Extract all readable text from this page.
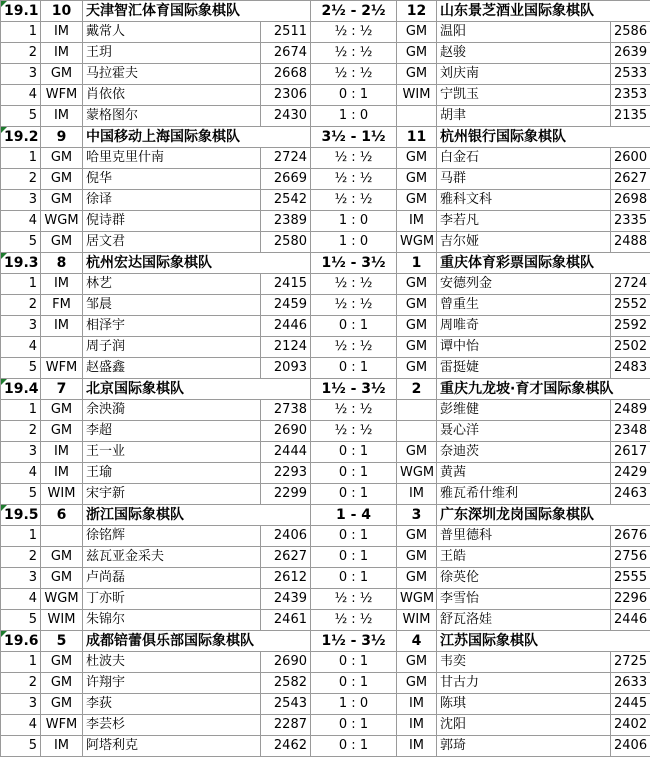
19.1	10	天津智汇体育国际象棋队		2½ - 2½	12	山东景芝酒业国际象棋队	
1	IM	戴常人	2511	½ : ½	GM	温阳	2586
2	IM	王玥	2674	½ : ½	GM	赵骏	2639
3	GM	马拉霍夫	2668	½ : ½	GM	刘庆南	2533
4	WFM	肖依依	2306	0 : 1	WIM	宁凯玉	2353
5	IM	蒙格图尔	2430	1 : 0		胡聿	2135
19.2	9	中国移动上海国际象棋队		3½ - 1½	11	杭州银行国际象棋队	
1	GM	哈里克里什南	2724	½ : ½	GM	白金石	2600
2	GM	倪华	2669	½ : ½	GM	马群	2627
3	GM	徐译	2542	½ : ½	GM	雅科文科	2698
4	WGM	倪诗群	2389	1 : 0	IM	李若凡	2335
5	GM	居文君	2580	1 : 0	WGM	吉尔娅	2488
19.3	8	杭州宏达国际象棋队		1½ - 3½	1	重庆体育彩票国际象棋队	
1	IM	林艺	2415	½ : ½	GM	安德列金	2724
2	FM	邹晨	2459	½ : ½	GM	曾重生	2552
3	IM	相泽宇	2446	0 : 1	GM	周唯奇	2592
4		周子润	2124	½ : ½	GM	谭中怡	2502
5	WFM	赵盛鑫	2093	0 : 1	GM	雷挺婕	2483
19.4	7	北京国际象棋队		1½ - 3½	2	重庆九龙坡·育才国际象棋队	
1	GM	余泱漪	2738	½ : ½		彭维健	2489
2	GM	李超	2690	½ : ½		聂心洋	2348
3	IM	王一业	2444	0 : 1	GM	奈迪茨	2617
4	IM	王瑜	2293	0 : 1	WGM	黄茜	2429
5	WIM	宋宇新	2299	0 : 1	IM	雅瓦希什维利	2463
19.5	6	浙江国际象棋队		1 - 4	3	广东深圳龙岗国际象棋队	
1		徐铭辉	2406	0 : 1	GM	普里德科	2676
2	GM	兹瓦亚金采夫	2627	0 : 1	GM	王皓	2756
3	GM	卢尚磊	2612	0 : 1	GM	徐英伦	2555
4	WGM	丁亦昕	2439	½ : ½	WGM	李雪怡	2296
5	WIM	朱锦尔	2461	½ : ½	WIM	舒瓦洛娃	2446
19.6	5	成都锫蕾俱乐部国际象棋队		1½ - 3½	4	江苏国际象棋队	
1	GM	杜波夫	2690	0 : 1	GM	韦奕	2725
2	GM	许翔宇	2582	0 : 1	GM	甘古力	2633
3	GM	李荻	2543	1 : 0	IM	陈琪	2445
4	WFM	李芸杉	2287	0 : 1	IM	沈阳	2402
5	IM	阿塔利克	2462	0 : 1	IM	郭琦	2406
